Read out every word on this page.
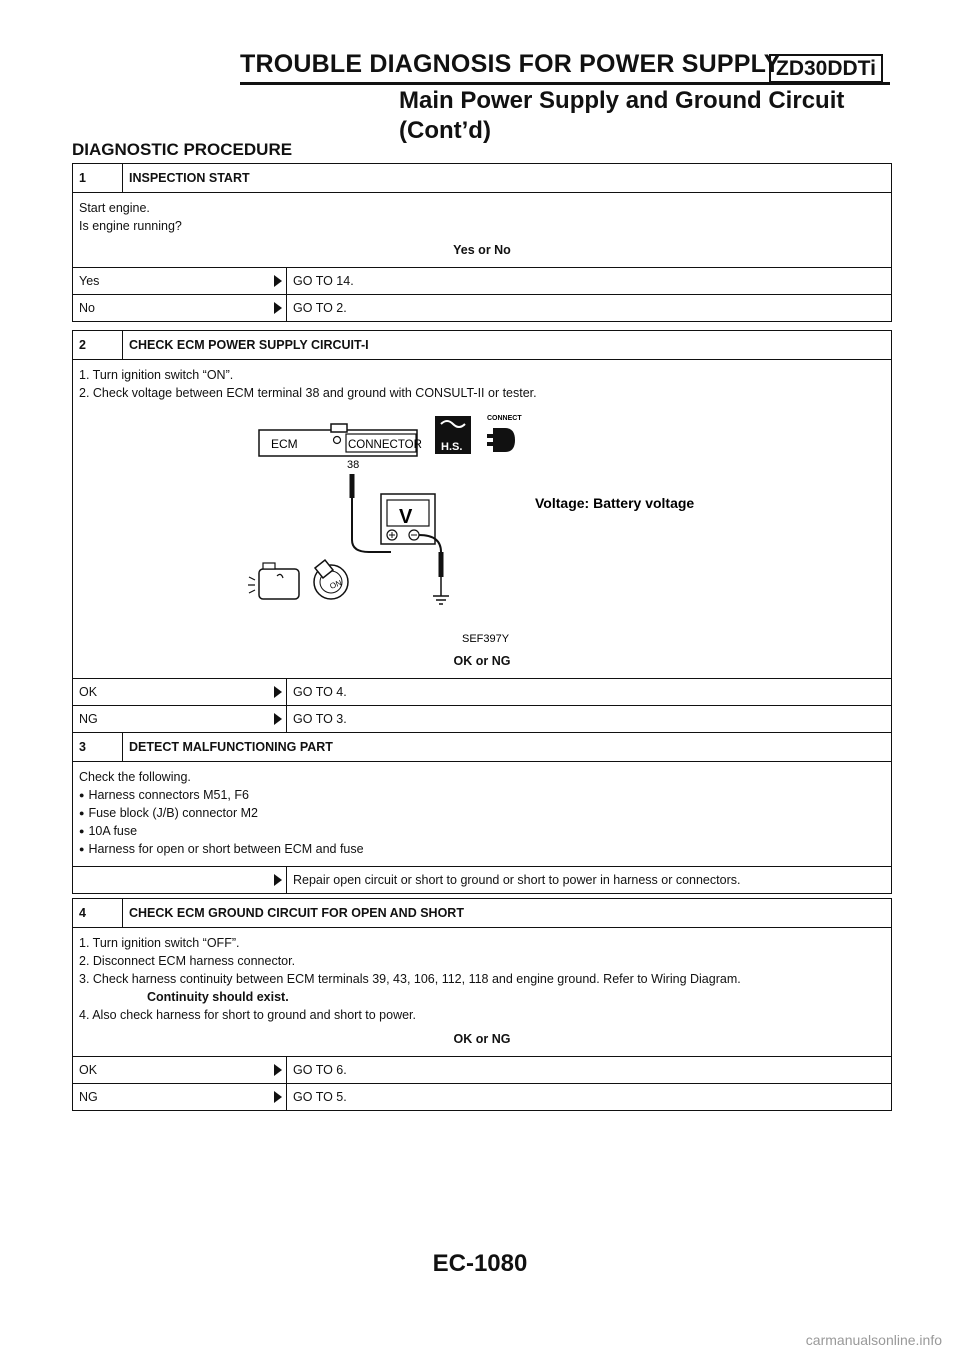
TROUBLE DIAGNOSIS FOR POWER SUPPLY
ZD30DDTi
Main Power Supply and Ground Circuit
(Cont’d)
DIAGNOSTIC PROCEDURE
1	INSPECTION START
Start engine.
Is engine running?
Yes or No
Yes	GO TO 14.
No	GO TO 2.
2	CHECK ECM POWER SUPPLY CIRCUIT-I
1. Turn ignition switch “ON”.
2. Check voltage between ECM terminal 38 and ground with CONSULT-II or tester.
ECM	CONNECTOR
38
H.S.
CONNECT
V
ON
Voltage: Battery voltage
SEF397Y
OK or NG
OK	GO TO 4.
NG	GO TO 3.
3	DETECT MALFUNCTIONING PART
Check the following.
● Harness connectors M51, F6
● Fuse block (J/B) connector M2
● 10A fuse
● Harness for open or short between ECM and fuse
Repair open circuit or short to ground or short to power in harness or connectors.
4	CHECK ECM GROUND CIRCUIT FOR OPEN AND SHORT
1. Turn ignition switch “OFF”.
2. Disconnect ECM harness connector.
3. Check harness continuity between ECM terminals 39, 43, 106, 112, 118 and engine ground. Refer to Wiring Diagram.
Continuity should exist.
4. Also check harness for short to ground and short to power.
OK or NG
OK	GO TO 6.
NG	GO TO 5.
EC-1080
carmanualsonline.info
